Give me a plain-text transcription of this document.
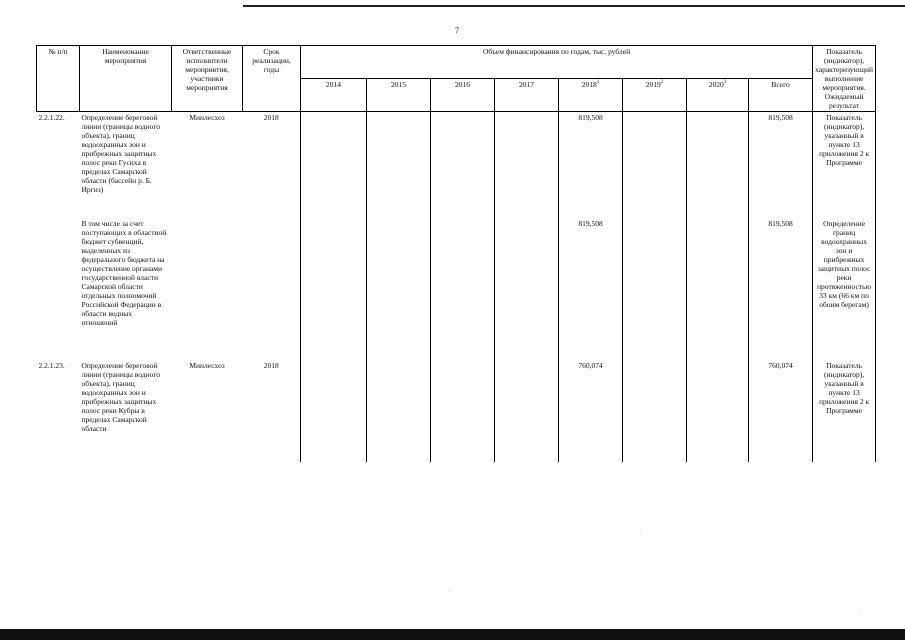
7
№ п/п	Наименование мероприятия	Ответственные исполнители мероприятия, участники мероприятия	Срок реализации, годы	Объем финансирования по годам, тыс. рублей								Показатель (индикатор), характеризующий выполнение мероприятия. Ожидаемый результат
				2014	2015	2016	2017	2018$^1$	2019$^2$	2020$^3$	Всего	
2.2.1.22.	Определение береговой линии (границы водного объекта), границ водоохранных зон и прибрежных защитных полос реки Гусиха в пределах Самарской области (бассейн р. Б. Иргиз)	Минлесхоз	2018					819,508			819,508	Показатель (индикатор), указанный в пункте 13 приложения 2 к Программе
	В том числе за счет поступающих в областной бюджет субвенций, выделенных из федерального бюджета на осуществление органами государственной власти Самарской области отдельных полномочий Российской Федерации в области водных отношений							819,508			819,508	Определение границ водоохранных зон и прибрежных защитных полос реки протяженностью 33 км (66 км по обоим берегам)
2.2.1.23.	Определение береговой линии (границы водного объекта), границ водоохранных зон и прибрежных защитных полос реки Кубры в пределах Самарской области	Минлесхоз	2018					760,074			760,074	Показатель (индикатор), указанный в пункте 13 приложения 2 к Программе
·
·
·
